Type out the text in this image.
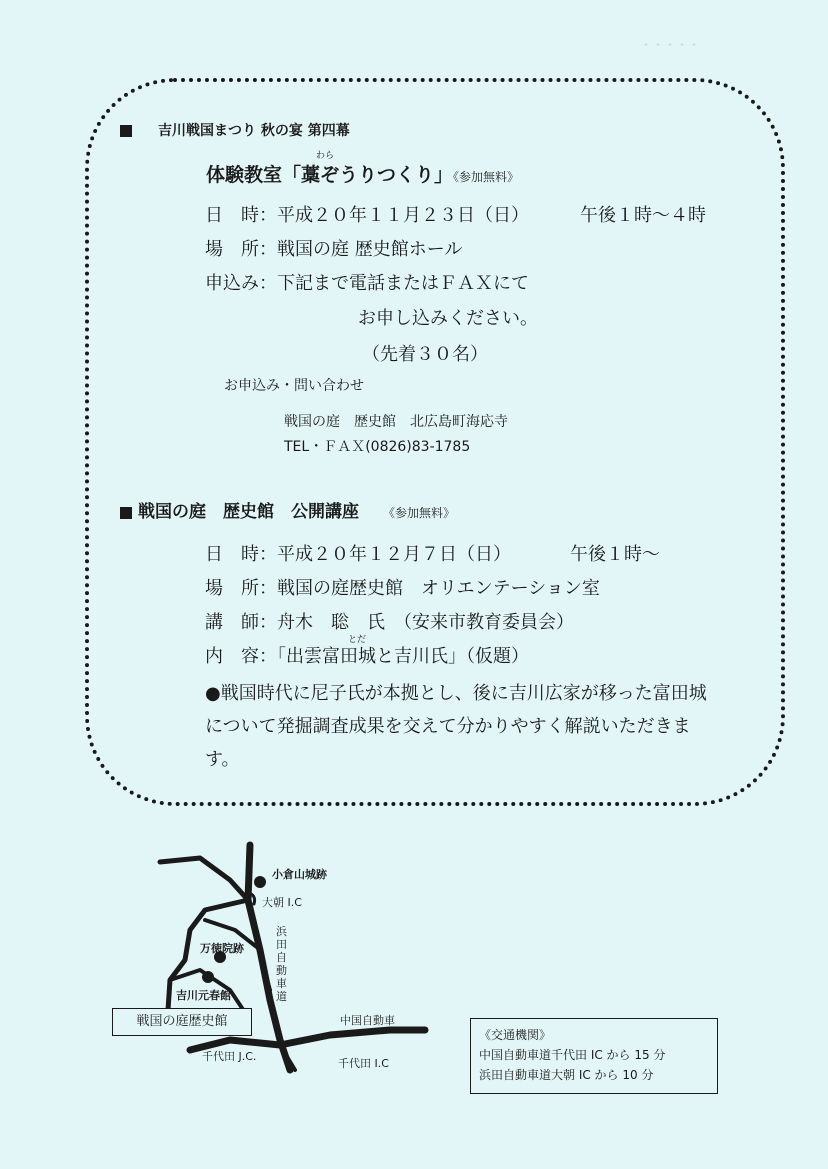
・・・・・

吉川戦国まつり 秋の宴 第四幕
わら
体験教室「藁ぞうりつくり」《参加無料》
日　時：平成２０年１１月２３日（日）	午後１時～４時
場　所：戦国の庭 歴史館ホール
申込み：下記まで電話またはＦＡＸにて
お申し込みください。
（先着３０名）
お申込み・問い合わせ
戦国の庭　歴史館　北広島町海応寺
TEL・ＦＡＸ(0826)83-1785
戦国の庭　歴史館　公開講座 《参加無料》
日　時：平成２０年１２月７日（日）	午後１時～
場　所：戦国の庭歴史館　オリエンテーション室
講　師：舟木　聡　氏　（安来市教育委員会）
とだ
内　容：「出雲富田城と吉川氏」（仮題）
●戦国時代に尼子氏が本拠とし、後に吉川広家が移った富田城
について発掘調査成果を交えて分かりやすく解説いただきま
す。
小倉山城跡
大朝 I.C
浜田自動車道
万徳院跡
吉川元春館
戦国の庭歴史館	中国自動車
千代田 J.C.
千代田 I.C
《交通機関》
中国自動車道千代田 IC から 15 分
浜田自動車道大朝 IC から 10 分
